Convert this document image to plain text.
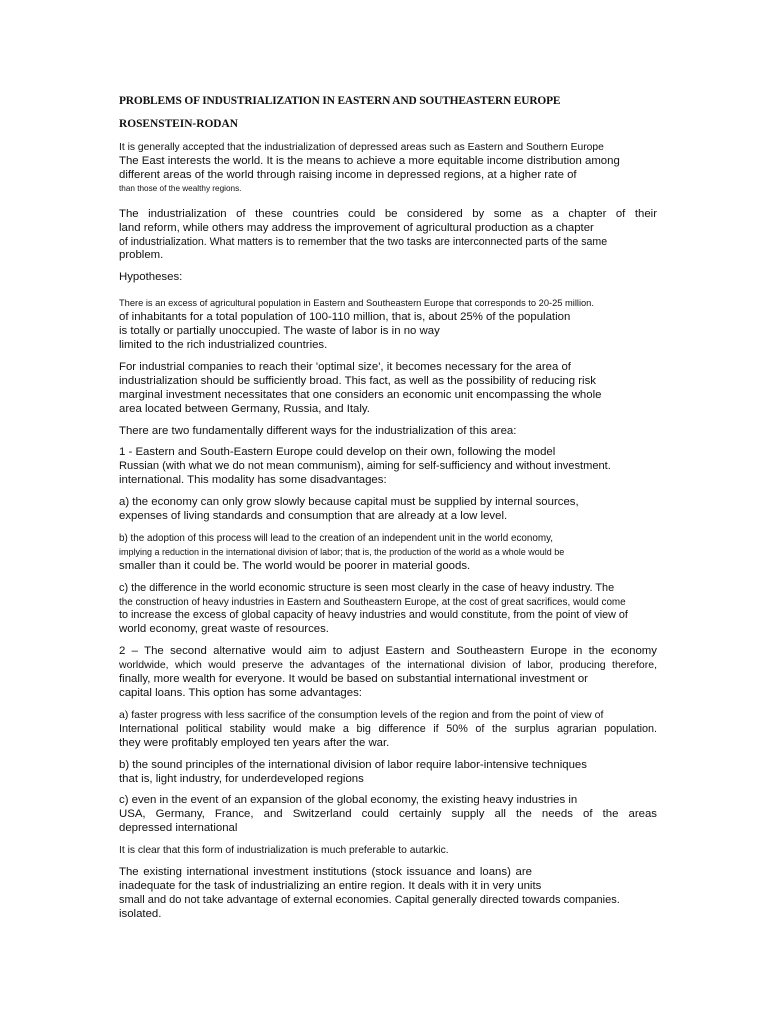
PROBLEMS OF INDUSTRIALIZATION IN EASTERN AND SOUTHEASTERN EUROPE
ROSENSTEIN-RODAN
It is generally accepted that the industrialization of depressed areas such as Eastern and Southern Europe
The East interests the world. It is the means to achieve a more equitable income distribution among
different areas of the world through raising income in depressed regions, at a higher rate of
than those of the wealthy regions.
The industrialization of these countries could be considered by some as a chapter of their
land reform, while others may address the improvement of agricultural production as a chapter
of industrialization. What matters is to remember that the two tasks are interconnected parts of the same
problem.
Hypotheses:
There is an excess of agricultural population in Eastern and Southeastern Europe that corresponds to 20-25 million.
of inhabitants for a total population of 100-110 million, that is, about 25% of the population
is totally or partially unoccupied. The waste of labor is in no way
limited to the rich industrialized countries.
For industrial companies to reach their 'optimal size', it becomes necessary for the area of
industrialization should be sufficiently broad. This fact, as well as the possibility of reducing risk
marginal investment necessitates that one considers an economic unit encompassing the whole
area located between Germany, Russia, and Italy.
There are two fundamentally different ways for the industrialization of this area:
1 - Eastern and South-Eastern Europe could develop on their own, following the model
Russian (with what we do not mean communism), aiming for self-sufficiency and without investment.
international. This modality has some disadvantages:
a) the economy can only grow slowly because capital must be supplied by internal sources,
expenses of living standards and consumption that are already at a low level.
b) the adoption of this process will lead to the creation of an independent unit in the world economy,
implying a reduction in the international division of labor; that is, the production of the world as a whole would be
smaller than it could be. The world would be poorer in material goods.
c) the difference in the world economic structure is seen most clearly in the case of heavy industry. The
the construction of heavy industries in Eastern and Southeastern Europe, at the cost of great sacrifices, would come
to increase the excess of global capacity of heavy industries and would constitute, from the point of view of
world economy, great waste of resources.
2 – The second alternative would aim to adjust Eastern and Southeastern Europe in the economy
worldwide, which would preserve the advantages of the international division of labor, producing therefore,
finally, more wealth for everyone. It would be based on substantial international investment or
capital loans. This option has some advantages:
a) faster progress with less sacrifice of the consumption levels of the region and from the point of view of
International political stability would make a big difference if 50% of the surplus agrarian population.
they were profitably employed ten years after the war.
b) the sound principles of the international division of labor require labor-intensive techniques
that is, light industry, for underdeveloped regions
c) even in the event of an expansion of the global economy, the existing heavy industries in
USA, Germany, France, and Switzerland could certainly supply all the needs of the areas
depressed international
It is clear that this form of industrialization is much preferable to autarkic.
The existing international investment institutions (stock issuance and loans) are
inadequate for the task of industrializing an entire region. It deals with it in very units
small and do not take advantage of external economies. Capital generally directed towards companies.
isolated.
